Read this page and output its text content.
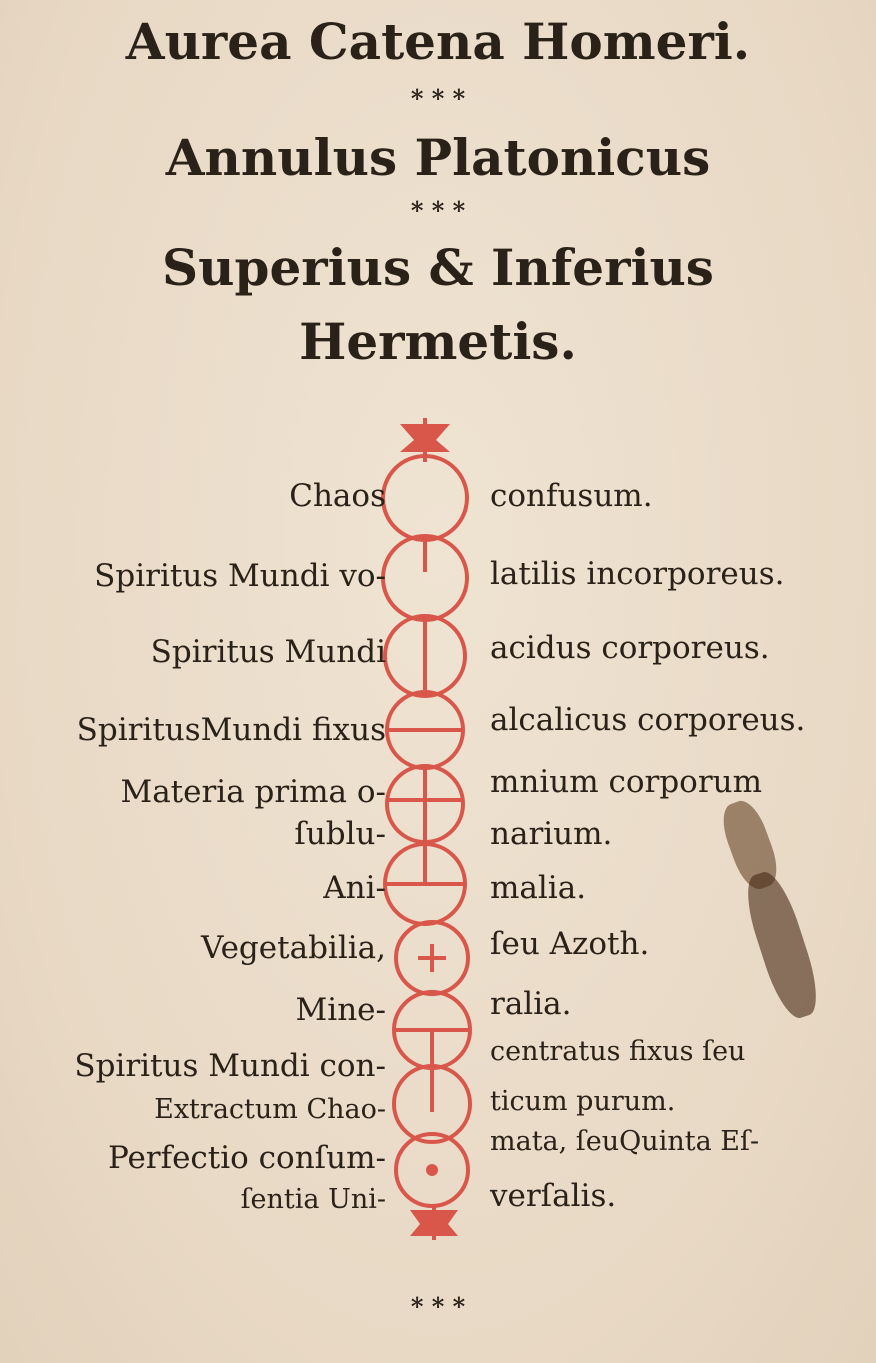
Aurea Catena Homeri.
* * *
Annulus Platonicus
* * *
Superius & Inferius
Hermetis.
Chaos
Spiritus Mundi vo-
Spiritus Mundi
SpiritusMundi fixus
Materia prima o-
ſublu-
Ani-
Vegetabilia,
Mine-
Spiritus Mundi con-
Extractum Chao-
Perfectio conſum-
ſentia Uni-
confusum.
latilis incorporeus.
acidus corporeus.
alcalicus corporeus.
mnium corporum
narium.
malia.
ſeu Azoth.
ralia.
centratus fixus ſeu
ticum purum.
mata, ſeuQuinta Eſ-
verſalis.
* * *
